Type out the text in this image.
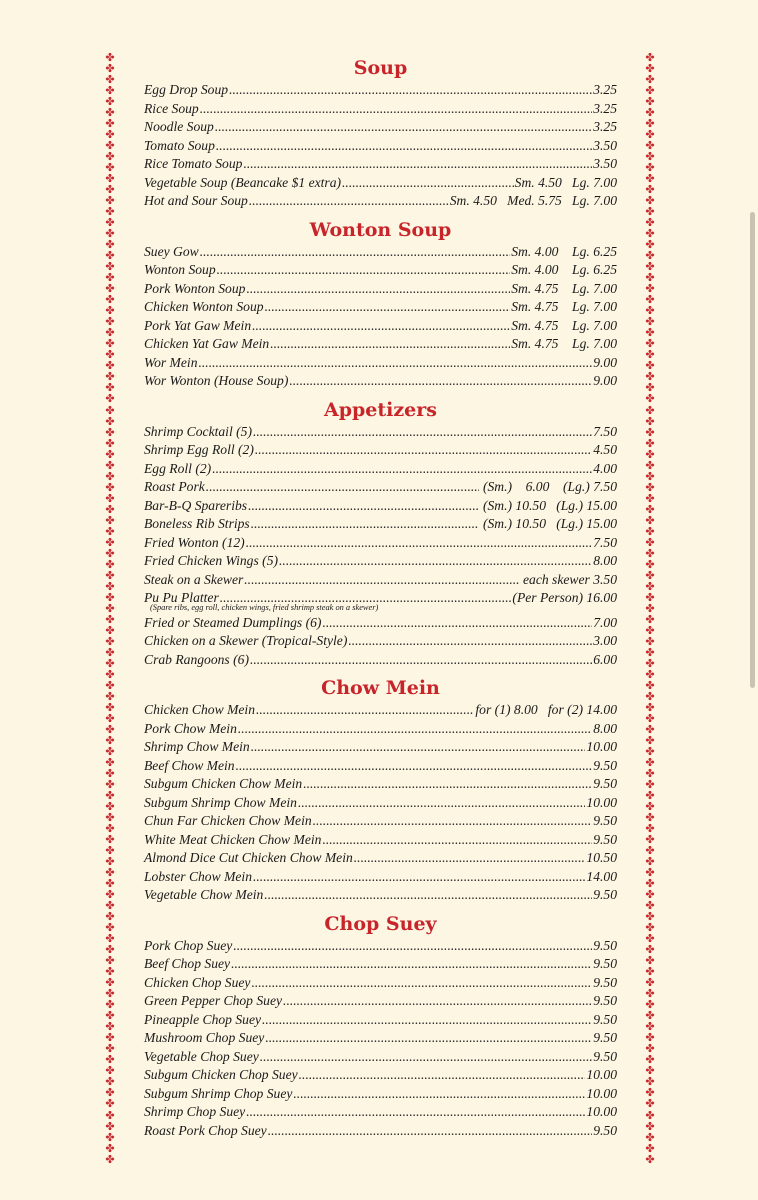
✤
✤
✤
✤
✤
✤
✤
✤
✤
✤
✤
✤
✤
✤
✤
✤
✤
✤
✤
✤
✤
✤
✤
✤
✤
✤
✤
✤
✤
✤
✤
✤
✤
✤
✤
✤
✤
✤
✤
✤
✤
✤
✤
✤
✤
✤
✤
✤
✤
✤
✤
✤
✤
✤
✤
✤
✤
✤
✤
✤
✤
✤
✤
✤
✤
✤
✤
✤
✤
✤
✤
✤
✤
✤
✤
✤
✤
✤
✤
✤
✤
✤
✤
✤
✤
✤
✤
✤
✤
✤
✤
✤
✤
✤
✤
✤
✤
✤
✤
✤
✤
✤
✤
✤
✤
✤
✤
✤
✤
✤
✤
✤
✤
✤
✤
✤
✤
✤
✤
✤
✤
✤
✤
✤
✤
✤
✤
✤
✤
✤
✤
✤
✤
✤
✤
✤
✤
✤
✤
✤
✤
✤
✤
✤
✤
✤
✤
✤
✤
✤
✤
✤
✤
✤
✤
✤
✤
✤
✤
✤
✤
✤
✤
✤
✤
✤
✤
✤
✤
✤
✤
✤
✤
✤
✤
✤
✤
✤
✤
✤
✤
✤
✤
✤
✤
✤
✤
✤
✤
✤
✤
✤
✤
✤
✤
✤
✤
✤
✤
✤
✤
✤
Soup
Egg Drop Soup .....	3.25
Rice Soup .....	3.25
Noodle Soup .....	3.25
Tomato Soup .....	3.50
Rice Tomato Soup .....	3.50
Vegetable Soup (Beancake $1 extra) .....	Sm. 4.50   Lg. 7.00
Hot and Sour Soup .....	Sm. 4.50   Med. 5.75   Lg. 7.00
Wonton Soup
Suey Gow .....	Sm. 4.00    Lg. 6.25
Wonton Soup .....	Sm. 4.00    Lg. 6.25
Pork Wonton Soup .....	Sm. 4.75    Lg. 7.00
Chicken Wonton Soup .....	Sm. 4.75    Lg. 7.00
Pork Yat Gaw Mein .....	Sm. 4.75    Lg. 7.00
Chicken Yat Gaw Mein .....	Sm. 4.75    Lg. 7.00
Wor Mein .....	9.00
Wor Wonton (House Soup) .....	9.00
Appetizers
Shrimp Cocktail (5) .....	7.50
Shrimp Egg Roll (2) .....	4.50
Egg Roll (2) .....	4.00
Roast Pork .....	(Sm.)    6.00    (Lg.) 7.50
Bar-B-Q Spareribs .....	(Sm.) 10.50   (Lg.) 15.00
Boneless Rib Strips .....	(Sm.) 10.50   (Lg.) 15.00
Fried Wonton (12) .....	7.50
Fried Chicken Wings (5) .....	8.00
Steak on a Skewer .....	each skewer 3.50
Pu Pu Platter .....	(Per Person) 16.00
(Spare ribs, egg roll, chicken wings, fried shrimp steak on a skewer)
Fried or Steamed Dumplings (6) .....	7.00
Chicken on a Skewer (Tropical-Style) .....	3.00
Crab Rangoons (6) .....	6.00
Chow Mein
Chicken Chow Mein .....	for (1) 8.00   for (2) 14.00
Pork Chow Mein .....	8.00
Shrimp Chow Mein .....	10.00
Beef Chow Mein .....	9.50
Subgum Chicken Chow Mein .....	9.50
Subgum Shrimp Chow Mein .....	10.00
Chun Far Chicken Chow Mein .....	9.50
White Meat Chicken Chow Mein .....	9.50
Almond Dice Cut Chicken Chow Mein .....	10.50
Lobster Chow Mein .....	14.00
Vegetable Chow Mein .....	9.50
Chop Suey
Pork Chop Suey .....	9.50
Beef Chop Suey .....	9.50
Chicken Chop Suey .....	9.50
Green Pepper Chop Suey .....	9.50
Pineapple Chop Suey .....	9.50
Mushroom Chop Suey .....	9.50
Vegetable Chop Suey .....	9.50
Subgum Chicken Chop Suey .....	10.00
Subgum Shrimp Chop Suey .....	10.00
Shrimp Chop Suey .....	10.00
Roast Pork Chop Suey .....	9.50
